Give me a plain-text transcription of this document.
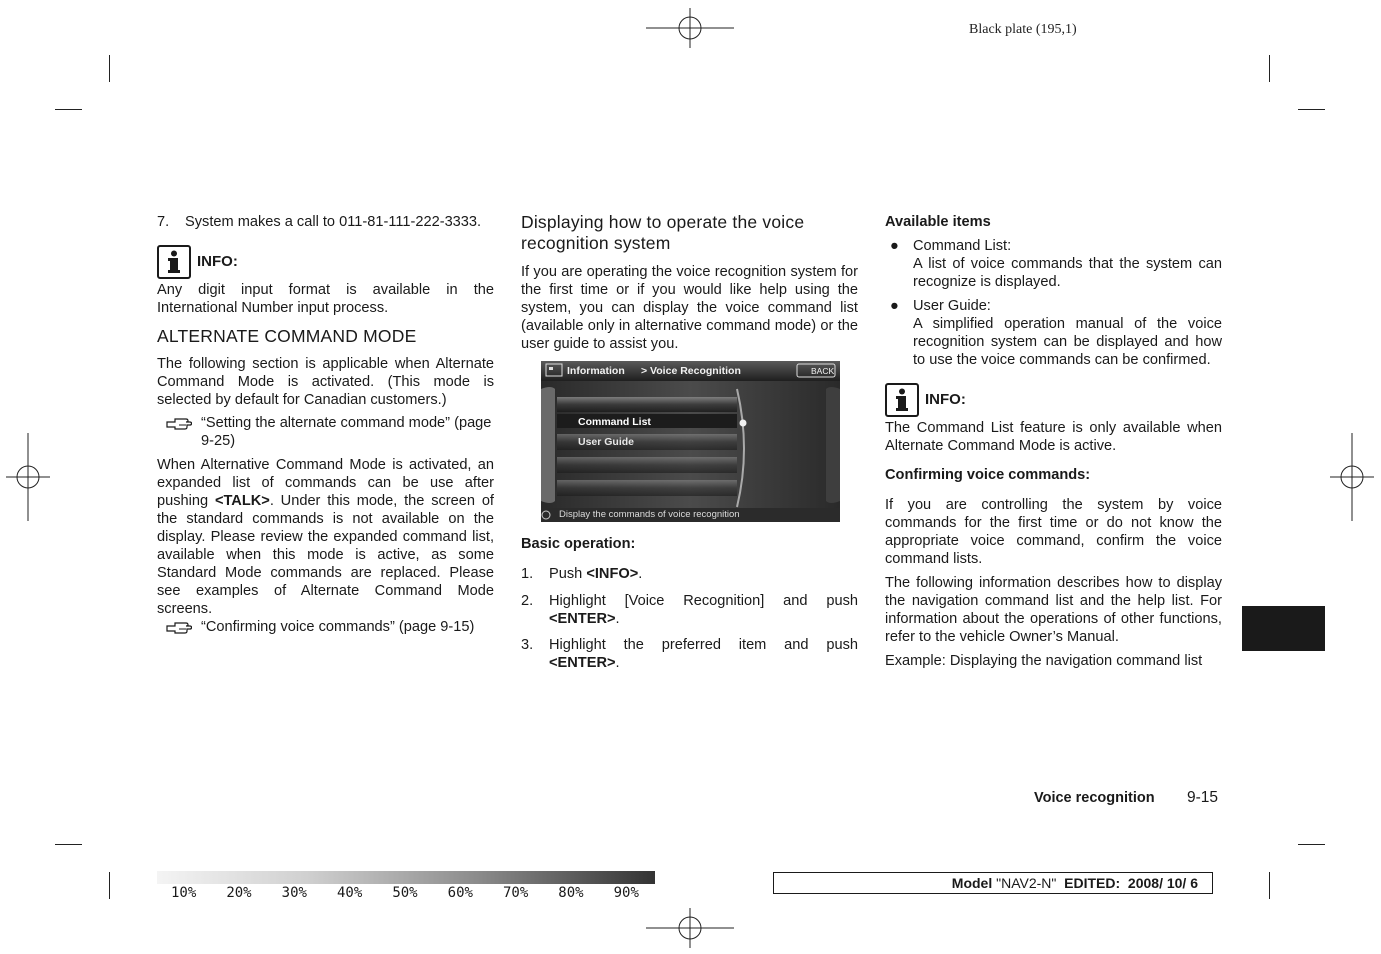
Black plate (195,1)
7.	System makes a call to 011-81-111-222-3333.
INFO:

Any digit input format is available in the International Number input process.

ALTERNATE COMMAND MODE

The following section is applicable when Alternate Command Mode is activated. (This mode is selected by default for Canadian customers.)

“Setting the alternate command mode” (page 9-25)

When Alternative Command Mode is activated, an expanded list of commands can be use after pushing <TALK>. Under this mode, the screen of the standard commands is not available on the display. Please review the expanded command list, available when this mode is active, as some Standard Mode commands are replaced. Please see examples of Alternate Command Mode screens.

“Confirming voice commands” (page 9-15)
Displaying how to operate the voice recognition system

If you are operating the voice recognition system for the first time or if you would like help using the system, you can display the voice command list (available only in alternative command mode) or the user guide to assist you.

Information > Voice Recognition	BACK
Command List
User Guide
Display the commands of voice recognition
Basic operation:
1.	Push <INFO>.
2.	Highlight [Voice Recognition] and push <ENTER>.
3.	Highlight the preferred item and push <ENTER>.
Available items
● Command List:
A list of voice commands that the system can recognize is displayed.
● User Guide:
A simplified operation manual of the voice recognition system can be displayed and how to use the voice commands can be confirmed.
INFO:

The Command List feature is only available when Alternate Command Mode is active.

Confirming voice commands:

If you are controlling the system by voice commands for the first time or do not know the appropriate voice command, confirm the voice command lists.

The following information describes how to display the navigation command list and the help list. For information about the operations of other functions, refer to the vehicle Owner’s Manual.

Example: Displaying the navigation command list

Voice recognition 9-15
10% 20% 30% 40% 50% 60% 70% 80% 90%
Model "NAV2-N"  EDITED:  2008/ 10/ 6
